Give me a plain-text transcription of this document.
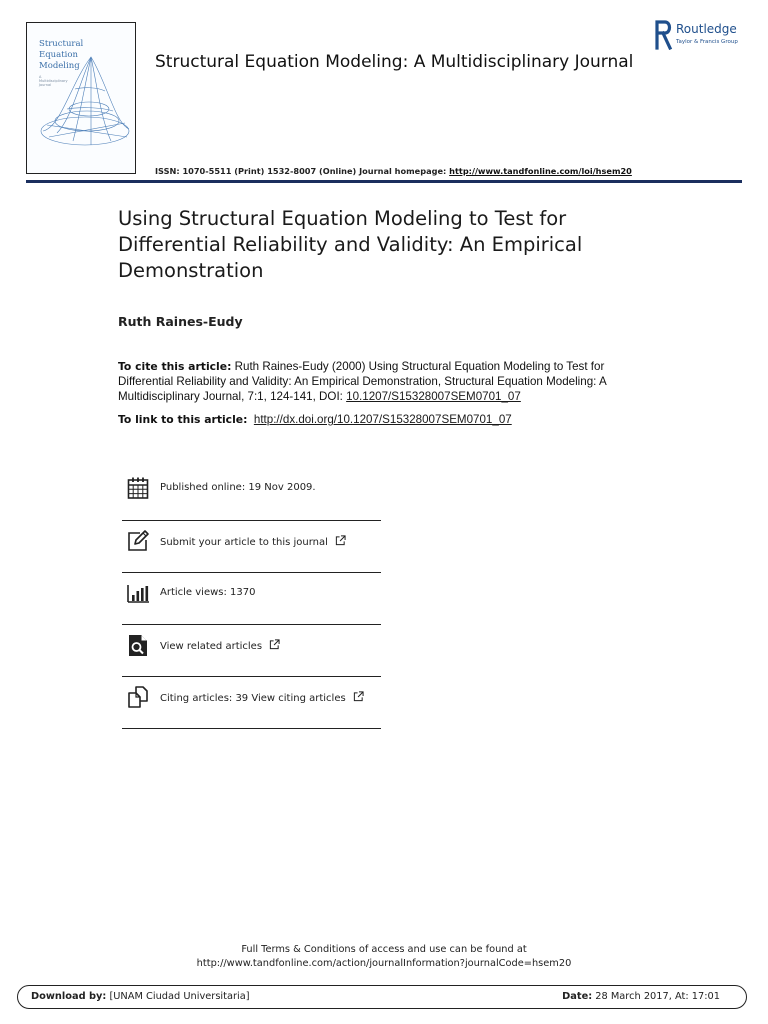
Structural
Equation
Modeling
A Multidisciplinary Journal
Structural Equation Modeling: A Multidisciplinary Journal
Routledge
Taylor & Francis Group
ISSN: 1070-5511 (Print) 1532-8007 (Online) Journal homepage: http://www.tandfonline.com/loi/hsem20
Using Structural Equation Modeling to Test for Differential Reliability and Validity: An Empirical Demonstration
Ruth Raines-Eudy
To cite this article: Ruth Raines-Eudy (2000) Using Structural Equation Modeling to Test for Differential Reliability and Validity: An Empirical Demonstration, Structural Equation Modeling: A Multidisciplinary Journal, 7:1, 124-141, DOI: 10.1207/S15328007SEM0701_07
To link to this article: http://dx.doi.org/10.1207/S15328007SEM0701_07
Published online: 19 Nov 2009.
Submit your article to this journal
Article views: 1370
View related articles
Citing articles: 39 View citing articles
Full Terms & Conditions of access and use can be found at
http://www.tandfonline.com/action/journalInformation?journalCode=hsem20
Download by: [UNAM Ciudad Universitaria]	Date: 28 March 2017, At: 17:01
